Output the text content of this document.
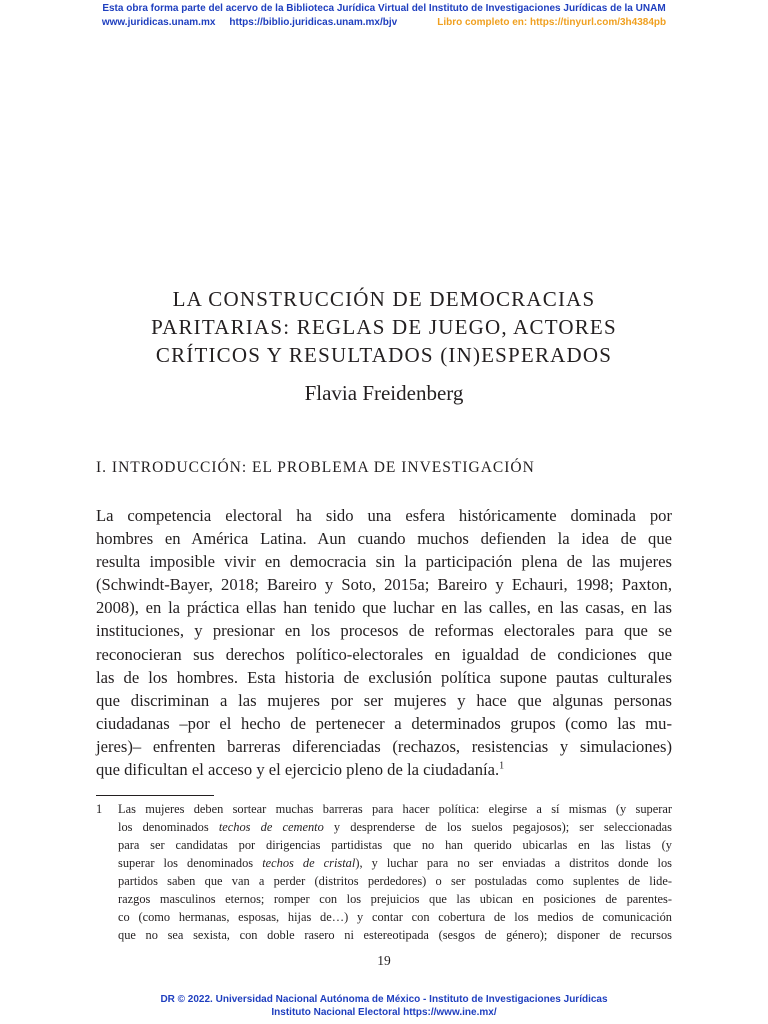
Esta obra forma parte del acervo de la Biblioteca Jurídica Virtual del Instituto de Investigaciones Jurídicas de la UNAM
www.juridicas.unam.mx https://biblio.juridicas.unam.mx/bjv	Libro completo en: https://tinyurl.com/3h4384pb
LA CONSTRUCCIÓN DE DEMOCRACIAS
PARITARIAS: REGLAS DE JUEGO, ACTORES
CRÍTICOS Y RESULTADOS (IN)ESPERADOS
Flavia Freidenberg
I. INTRODUCCIÓN: EL PROBLEMA DE INVESTIGACIÓN
La competencia electoral ha sido una esfera históricamente dominada por
hombres en América Latina. Aun cuando muchos defienden la idea de que
resulta imposible vivir en democracia sin la participación plena de las mujeres
(Schwindt-Bayer, 2018; Bareiro y Soto, 2015a; Bareiro y Echauri, 1998; Paxton,
2008), en la práctica ellas han tenido que luchar en las calles, en las casas, en las
instituciones, y presionar en los procesos de reformas electorales para que se
reconocieran sus derechos político-electorales en igualdad de condiciones que
las de los hombres. Esta historia de exclusión política supone pautas culturales
que discriminan a las mujeres por ser mujeres y hace que algunas personas
ciudadanas –por el hecho de pertenecer a determinados grupos (como las mu-
jeres)– enfrenten barreras diferenciadas (rechazos, resistencias y simulaciones)
que dificultan el acceso y el ejercicio pleno de la ciudadanía.$^1$
1	Las mujeres deben sortear muchas barreras para hacer política: elegirse a sí mismas (y superar
los denominados techos de cemento y desprenderse de los suelos pegajosos); ser seleccionadas
para ser candidatas por dirigencias partidistas que no han querido ubicarlas en las listas (y
superar los denominados techos de cristal), y luchar para no ser enviadas a distritos donde los
partidos saben que van a perder (distritos perdedores) o ser postuladas como suplentes de lide-
razgos masculinos eternos; romper con los prejuicios que las ubican en posiciones de parentes-
co (como hermanas, esposas, hijas de…) y contar con cobertura de los medios de comunicación
que no sea sexista, con doble rasero ni estereotipada (sesgos de género); disponer de recursos
19
DR © 2022. Universidad Nacional Autónoma de México - Instituto de Investigaciones Jurídicas
Instituto Nacional Electoral https://www.ine.mx/
